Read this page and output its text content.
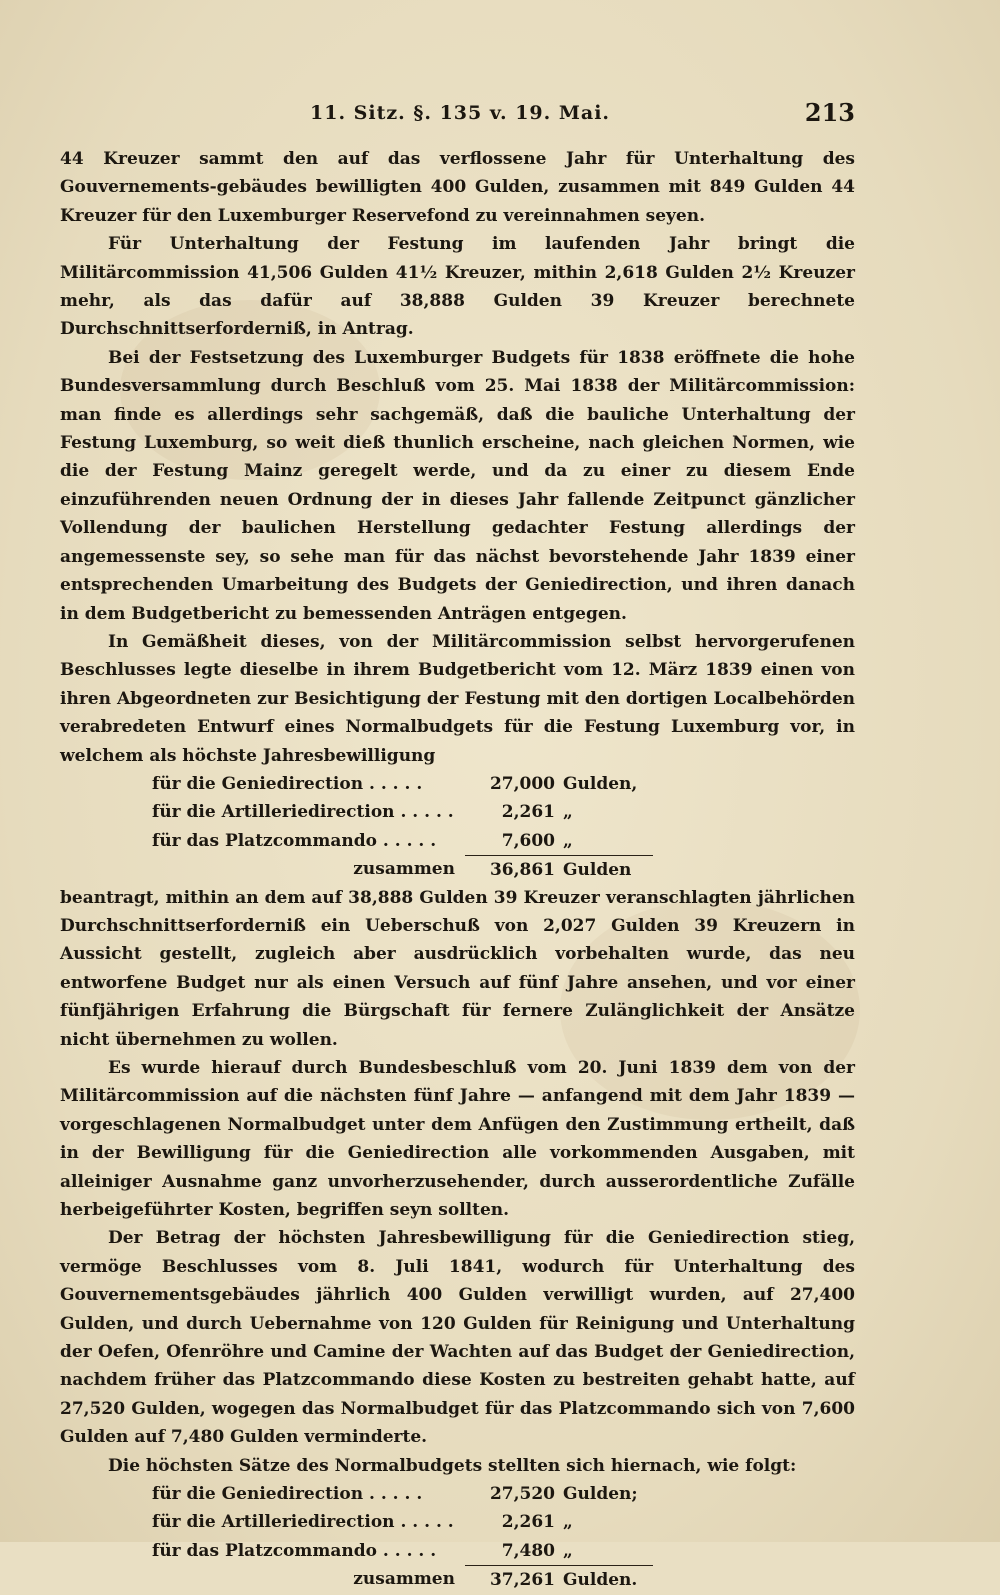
11. Sitz. §. 135 v. 19. Mai.	213

44 Kreuzer sammt den auf das verflossene Jahr für Unterhaltung des Gouvernements-gebäudes bewilligten 400 Gulden, zusammen mit 849 Gulden 44 Kreuzer für den Luxemburger Reservefond zu vereinnahmen seyen.

Für Unterhaltung der Festung im laufenden Jahr bringt die Militärcommission 41,506 Gulden 41½ Kreuzer, mithin 2,618 Gulden 2½ Kreuzer mehr, als das dafür auf 38,888 Gulden 39 Kreuzer berechnete Durchschnittserforderniß, in Antrag.

Bei der Festsetzung des Luxemburger Budgets für 1838 eröffnete die hohe Bundesversammlung durch Beschluß vom 25. Mai 1838 der Militärcommission: man finde es allerdings sehr sachgemäß, daß die bauliche Unterhaltung der Festung Luxemburg, so weit dieß thunlich erscheine, nach gleichen Normen, wie die der Festung Mainz geregelt werde, und da zu einer zu diesem Ende einzuführenden neuen Ordnung der in dieses Jahr fallende Zeitpunct gänzlicher Vollendung der baulichen Herstellung gedachter Festung allerdings der angemessenste sey, so sehe man für das nächst bevorstehende Jahr 1839 einer entsprechenden Umarbeitung des Budgets der Geniedirection, und ihren danach in dem Budgetbericht zu bemessenden Anträgen entgegen.

In Gemäßheit dieses, von der Militärcommission selbst hervorgerufenen Beschlusses legte dieselbe in ihrem Budgetbericht vom 12. März 1839 einen von ihren Abgeordneten zur Besichtigung der Festung mit den dortigen Localbehörden verabredeten Entwurf eines Normalbudgets für die Festung Luxemburg vor, in welchem als höchste Jahresbewilligung

für die Geniedirection . . . . .	27,000 Gulden,
für die Artilleriedirection . . . . .	2,261 „
für das Platzcommando . . . . .	7,600 „
zusammen	36,861 Gulden

beantragt, mithin an dem auf 38,888 Gulden 39 Kreuzer veranschlagten jährlichen Durchschnittserforderniß ein Ueberschuß von 2,027 Gulden 39 Kreuzern in Aussicht gestellt, zugleich aber ausdrücklich vorbehalten wurde, das neu entworfene Budget nur als einen Versuch auf fünf Jahre ansehen, und vor einer fünfjährigen Erfahrung die Bürgschaft für fernere Zulänglichkeit der Ansätze nicht übernehmen zu wollen.

Es wurde hierauf durch Bundesbeschluß vom 20. Juni 1839 dem von der Militärcommission auf die nächsten fünf Jahre — anfangend mit dem Jahr 1839 — vorgeschlagenen Normalbudget unter dem Anfügen den Zustimmung ertheilt, daß in der Bewilligung für die Geniedirection alle vorkommenden Ausgaben, mit alleiniger Ausnahme ganz unvorherzusehender, durch ausserordentliche Zufälle herbeigeführter Kosten, begriffen seyn sollten.

Der Betrag der höchsten Jahresbewilligung für die Geniedirection stieg, vermöge Beschlusses vom 8. Juli 1841, wodurch für Unterhaltung des Gouvernementsgebäudes jährlich 400 Gulden verwilligt wurden, auf 27,400 Gulden, und durch Uebernahme von 120 Gulden für Reinigung und Unterhaltung der Oefen, Ofenröhre und Camine der Wachten auf das Budget der Geniedirection, nachdem früher das Platzcommando diese Kosten zu bestreiten gehabt hatte, auf 27,520 Gulden, wogegen das Normalbudget für das Platzcommando sich von 7,600 Gulden auf 7,480 Gulden verminderte.

Die höchsten Sätze des Normalbudgets stellten sich hiernach, wie folgt:

für die Geniedirection . . . . .	27,520 Gulden;
für die Artilleriedirection . . . . .	2,261 „
für das Platzcommando . . . . .	7,480 „
zusammen	37,261 Gulden.
